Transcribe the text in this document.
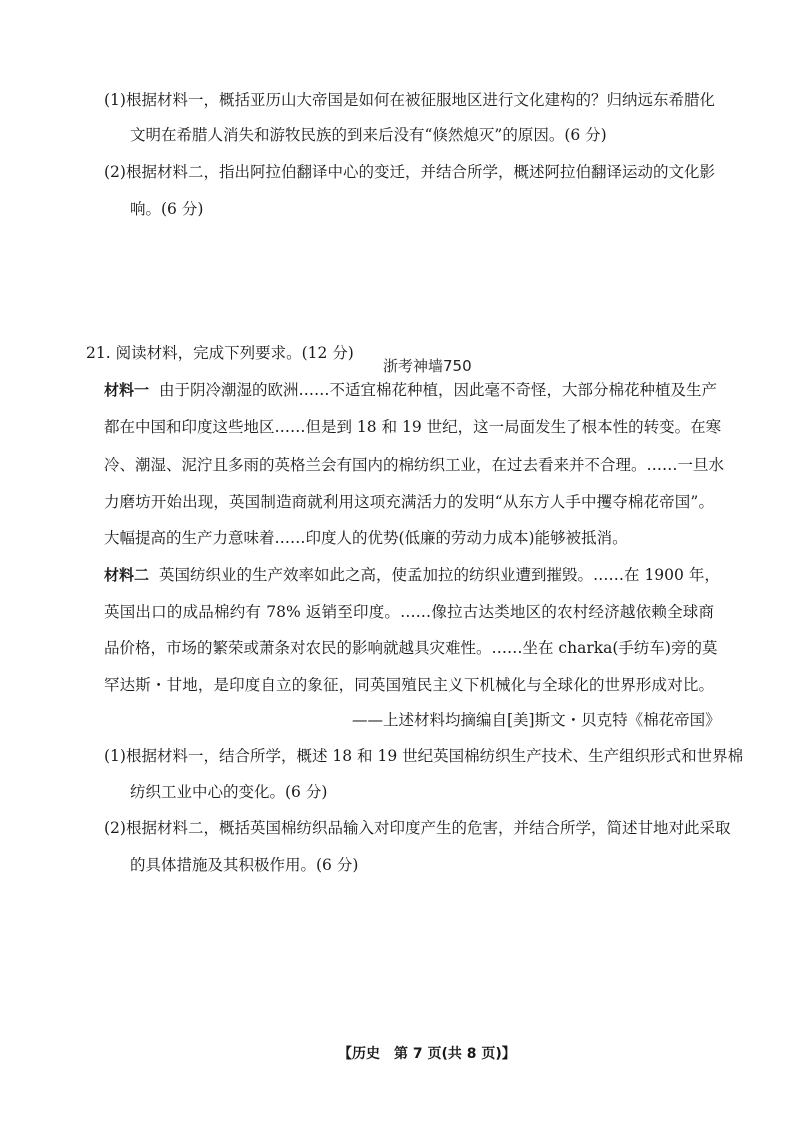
(1)根据材料一，概括亚历山大帝国是如何在被征服地区进行文化建构的？归纳远东希腊化
文明在希腊人消失和游牧民族的到来后没有“倏然熄灭”的原因。(6 分)
(2)根据材料二，指出阿拉伯翻译中心的变迁，并结合所学，概述阿拉伯翻译运动的文化影
响。(6 分)
21. 阅读材料，完成下列要求。(12 分)
浙考神墙750
材料一 由于阴冷潮湿的欧洲……不适宜棉花种植，因此毫不奇怪，大部分棉花种植及生产
都在中国和印度这些地区……但是到 18 和 19 世纪，这一局面发生了根本性的转变。在寒
冷、潮湿、泥泞且多雨的英格兰会有国内的棉纺织工业，在过去看来并不合理。……一旦水
力磨坊开始出现，英国制造商就利用这项充满活力的发明“从东方人手中攫夺棉花帝国”。
大幅提高的生产力意味着……印度人的优势(低廉的劳动力成本)能够被抵消。
材料二 英国纺织业的生产效率如此之高，使孟加拉的纺织业遭到摧毁。……在 1900 年，
英国出口的成品棉约有 78% 返销至印度。……像拉古达类地区的农村经济越依赖全球商
品价格，市场的繁荣或萧条对农民的影响就越具灾难性。……坐在 charka(手纺车)旁的莫
罕达斯・甘地，是印度自立的象征，同英国殖民主义下机械化与全球化的世界形成对比。
——上述材料均摘编自[美]斯文・贝克特《棉花帝国》
(1)根据材料一，结合所学，概述 18 和 19 世纪英国棉纺织生产技术、生产组织形式和世界棉
纺织工业中心的变化。(6 分)
(2)根据材料二，概括英国棉纺织品输入对印度产生的危害，并结合所学，简述甘地对此采取
的具体措施及其积极作用。(6 分)
【历史　第 7 页(共 8 页)】
